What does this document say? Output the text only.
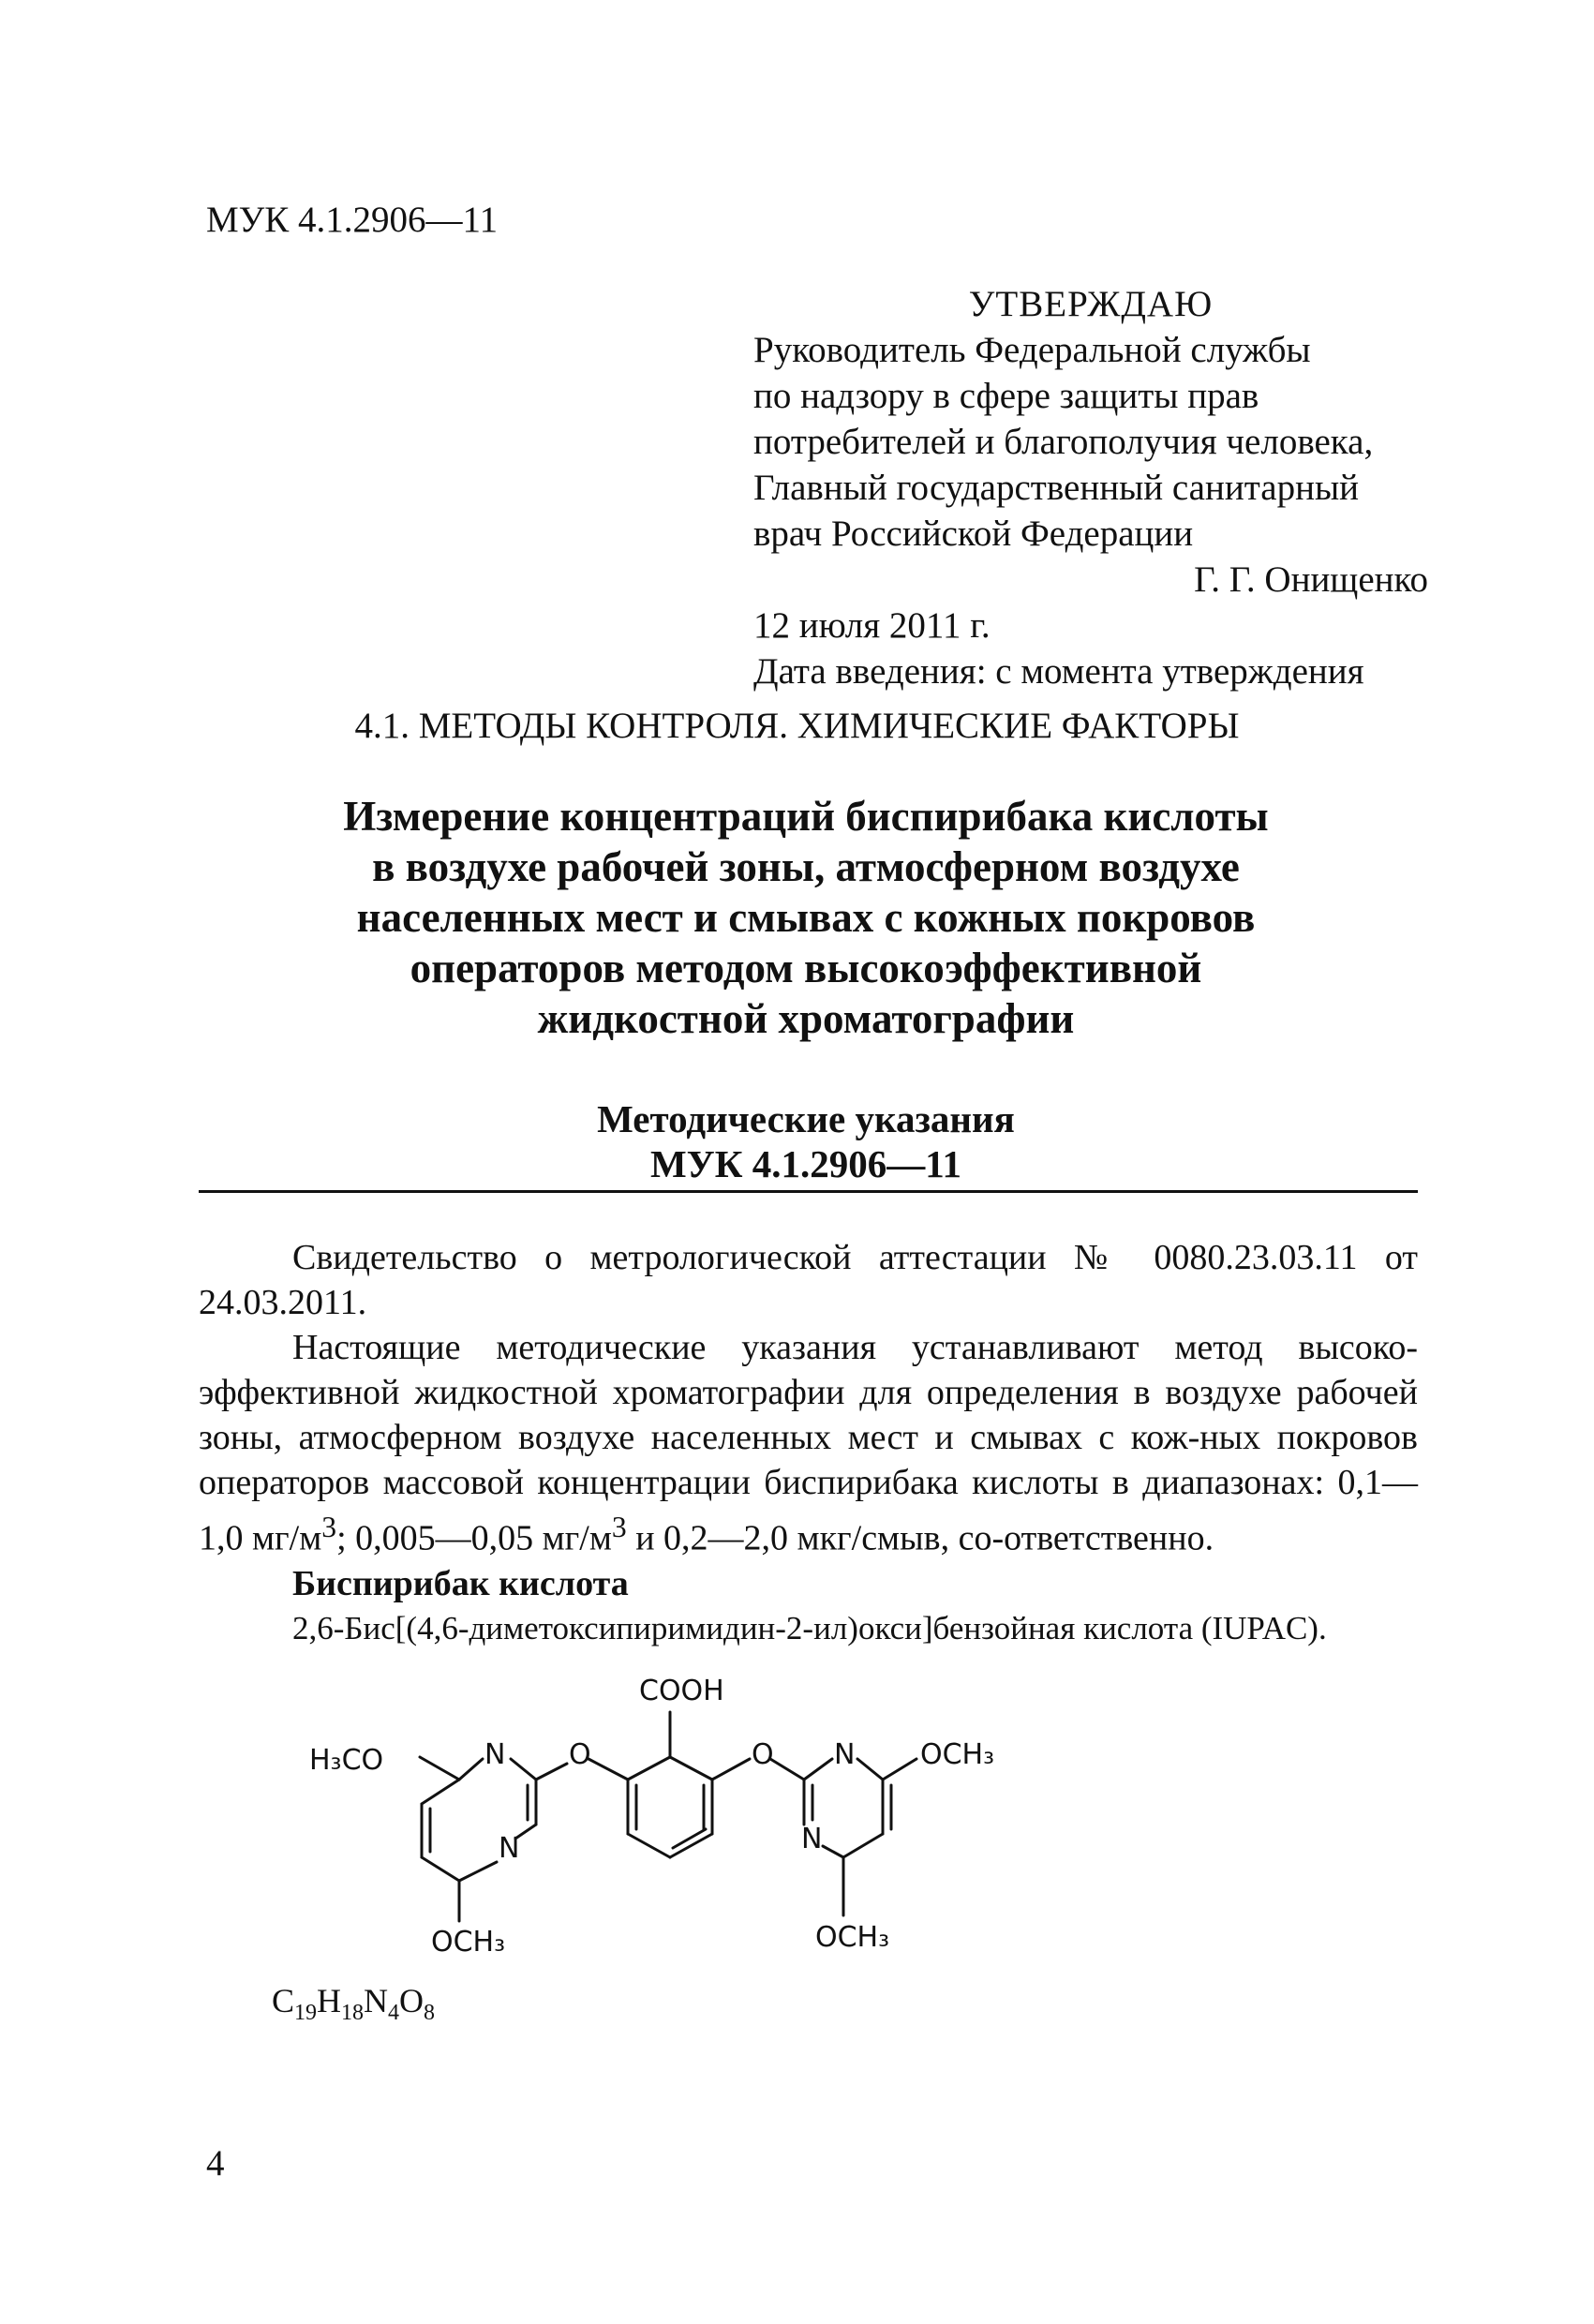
МУК 4.1.2906—11
УТВЕРЖДАЮ
Руководитель Федеральной службы
по надзору в сфере защиты прав
потребителей и благополучия человека,
Главный государственный санитарный
врач Российской Федерации
Г. Г. Онищенко
12 июля 2011 г.
Дата введения: с момента утверждения
4.1. МЕТОДЫ КОНТРОЛЯ. ХИМИЧЕСКИЕ ФАКТОРЫ
Измерение концентраций биспирибака кислоты
в воздухе рабочей зоны, атмосферном воздухе
населенных мест и смывах с кожных покровов
операторов методом высокоэффективной
жидкостной хроматографии
Методические указания
МУК 4.1.2906—11

Свидетельство о метрологической аттестации № 0080.23.03.11 от 24.03.2011.

Настоящие методические указания устанавливают метод высоко-эффективной жидкостной хроматографии для определения в воздухе рабочей зоны, атмосферном воздухе населенных мест и смывах с кож-ных покровов операторов массовой концентрации биспирибака кислоты в диапазонах: 0,1—1,0 $мг/м^3$; 0,005—0,05 $мг/м^3$ и 0,2—2,0 мкг/смыв, со-ответственно.

Биспирибак кислота

2,6-Бис[(4,6-диметоксипиримидин-2-ил)окси]бензойная кислота (IUPAC).

COOH
H₃CO	N O
N
OCH₃
O N OCH₃
N
OCH₃
$C_{19}H_{18}N_4O_8$
4
